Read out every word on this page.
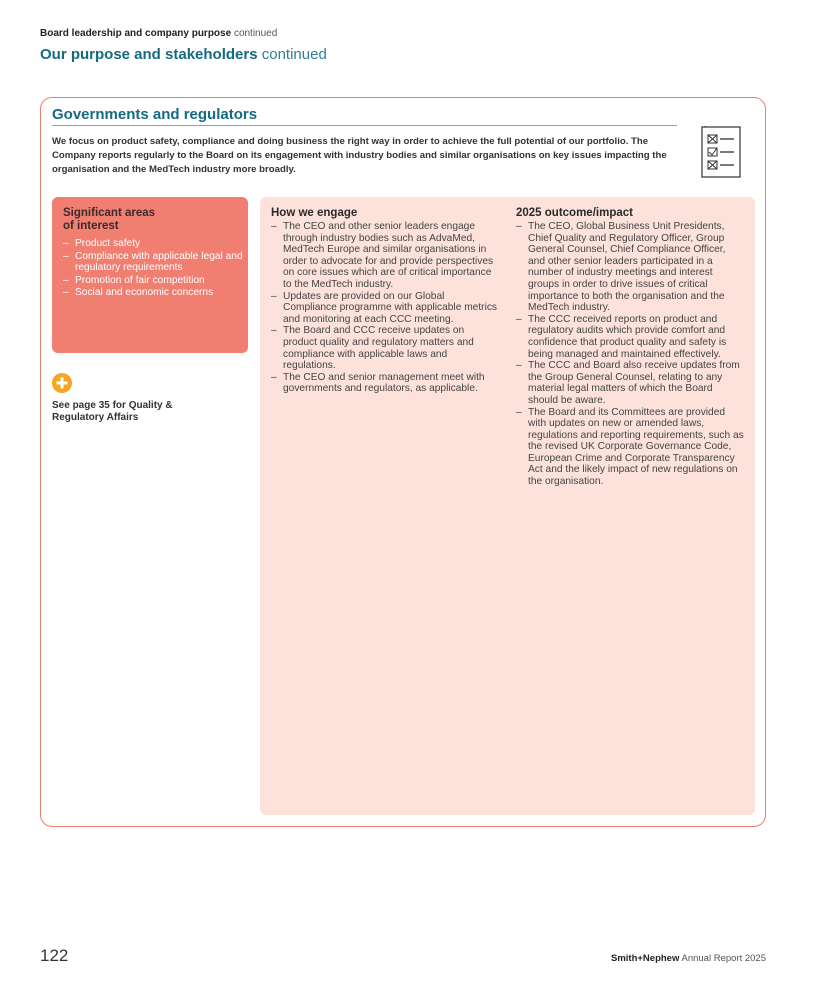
Board leadership and company purpose continued
Our purpose and stakeholders continued
Governments and regulators
We focus on product safety, compliance and doing business the right way in order to achieve the full potential of our portfolio. The Company reports regularly to the Board on its engagement with industry bodies and similar organisations on key issues impacting the organisation and the MedTech industry more broadly.
Significant areas
of interest
– Product safety
– Compliance with applicable legal and regulatory requirements
– Promotion of fair competition
– Social and economic concerns
See page 35 for Quality & Regulatory Affairs
How we engage
– The CEO and other senior leaders engage through industry bodies such as AdvaMed, MedTech Europe and similar organisations in order to advocate for and provide perspectives on core issues which are of critical importance to the MedTech industry.
– Updates are provided on our Global Compliance programme with applicable metrics and monitoring at each CCC meeting.
– The Board and CCC receive updates on product quality and regulatory matters and compliance with applicable laws and regulations.
– The CEO and senior management meet with governments and regulators, as applicable.
2025 outcome/impact
– The CEO, Global Business Unit Presidents, Chief Quality and Regulatory Officer, Group General Counsel, Chief Compliance Officer, and other senior leaders participated in a number of industry meetings and interest groups in order to drive issues of critical importance to both the organisation and the MedTech industry.
– The CCC received reports on product and regulatory audits which provide comfort and confidence that product quality and safety is being managed and maintained effectively.
– The CCC and Board also receive updates from the Group General Counsel, relating to any material legal matters of which the Board should be aware.
– The Board and its Committees are provided with updates on new or amended laws, regulations and reporting requirements, such as the revised UK Corporate Governance Code, European Crime and Corporate Transparency Act and the likely impact of new regulations on the organisation.
122	Smith+Nephew Annual Report 2025
